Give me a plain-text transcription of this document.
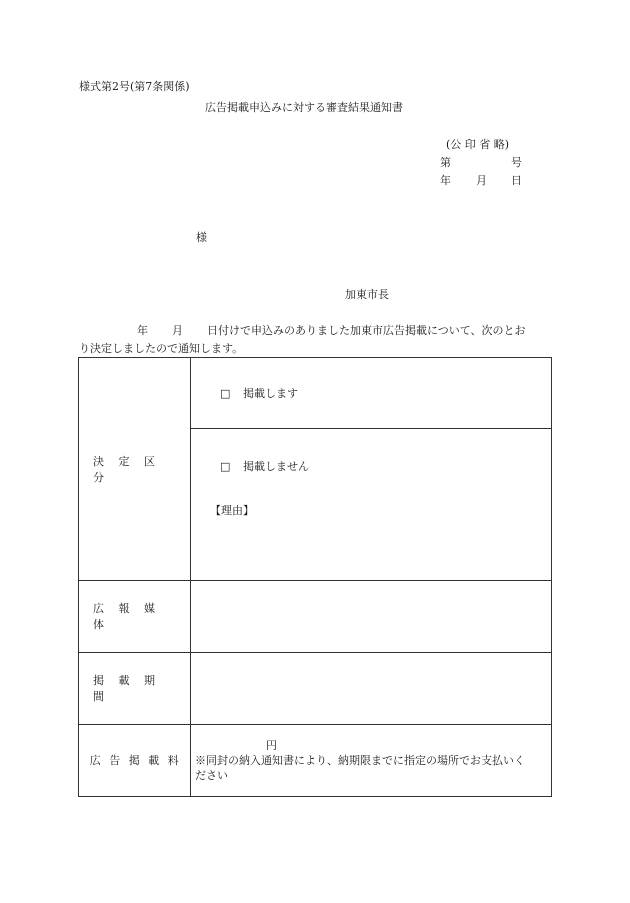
様式第2号(第7条関係)
広告掲載申込みに対する審査結果通知書
(公 印 省 略)
第	号
年 月 日
様
加東市長
年 月 日付けで申込みのありました加東市広告掲載について、次のとお
り決定しましたので通知します。
決定区分
□ 掲載します
□ 掲載しません
【理由】
広報媒体
掲載期間
広告掲載料
円
※同封の納入通知書により、納期限までに指定の場所でお支払いく
ださい
